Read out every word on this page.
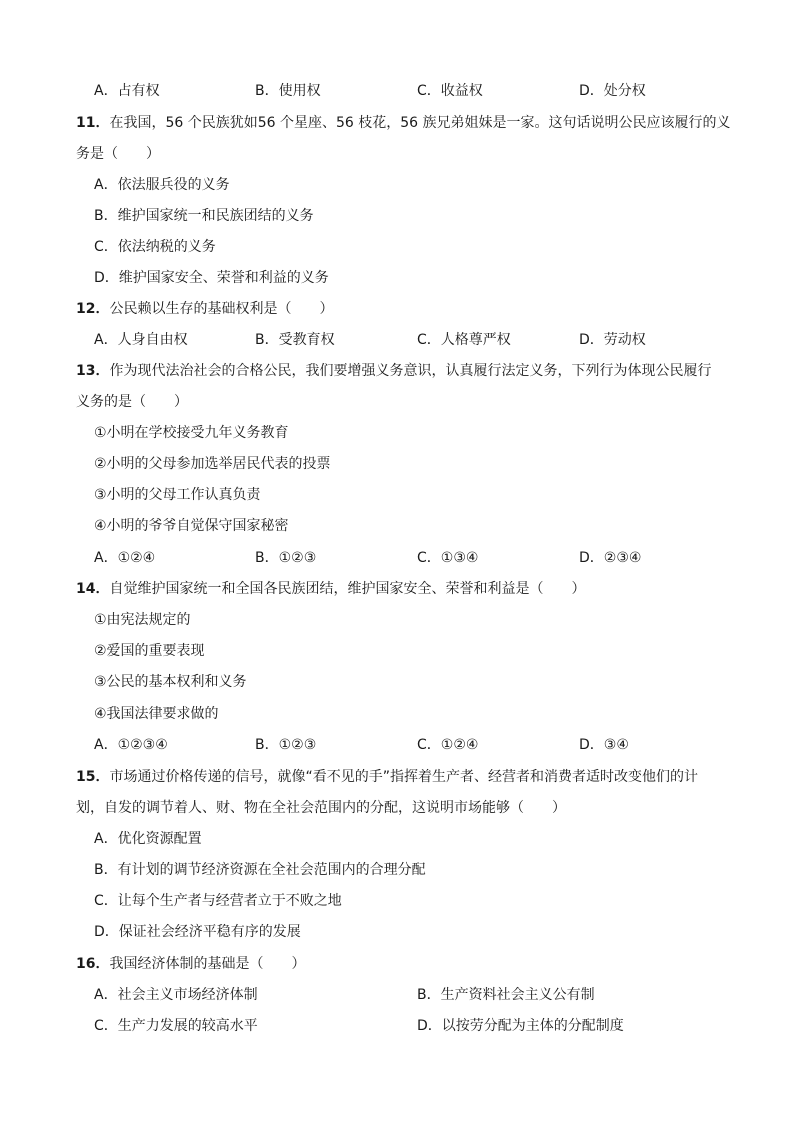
A．占有权	B．使用权	C．收益权	D．处分权
11．在我国，56 个民族犹如56 个星座、56 枝花，56 族兄弟姐妹是一家。这句话说明公民应该履行的义
务是（　　）
A．依法服兵役的义务
B．维护国家统一和民族团结的义务
C．依法纳税的义务
D．维护国家安全、荣誉和利益的义务
12．公民赖以生存的基础权利是（　　）
A．人身自由权	B．受教育权	C．人格尊严权	D．劳动权
13．作为现代法治社会的合格公民，我们要增强义务意识，认真履行法定义务，下列行为体现公民履行
义务的是（　　）
①小明在学校接受九年义务教育
②小明的父母参加选举居民代表的投票
③小明的父母工作认真负责
④小明的爷爷自觉保守国家秘密
A．①②④	B．①②③	C．①③④	D．②③④
14．自觉维护国家统一和全国各民族团结，维护国家安全、荣誉和利益是（　　）
①由宪法规定的
②爱国的重要表现
③公民的基本权利和义务
④我国法律要求做的
A．①②③④	B．①②③	C．①②④	D．③④
15．市场通过价格传递的信号，就像“看不见的手”指挥着生产者、经营者和消费者适时改变他们的计
划，自发的调节着人、财、物在全社会范围内的分配，这说明市场能够（　　）
A．优化资源配置
B．有计划的调节经济资源在全社会范围内的合理分配
C．让每个生产者与经营者立于不败之地
D．保证社会经济平稳有序的发展
16．我国经济体制的基础是（　　）
A．社会主义市场经济体制	B．生产资料社会主义公有制
C．生产力发展的较高水平	D．以按劳分配为主体的分配制度
